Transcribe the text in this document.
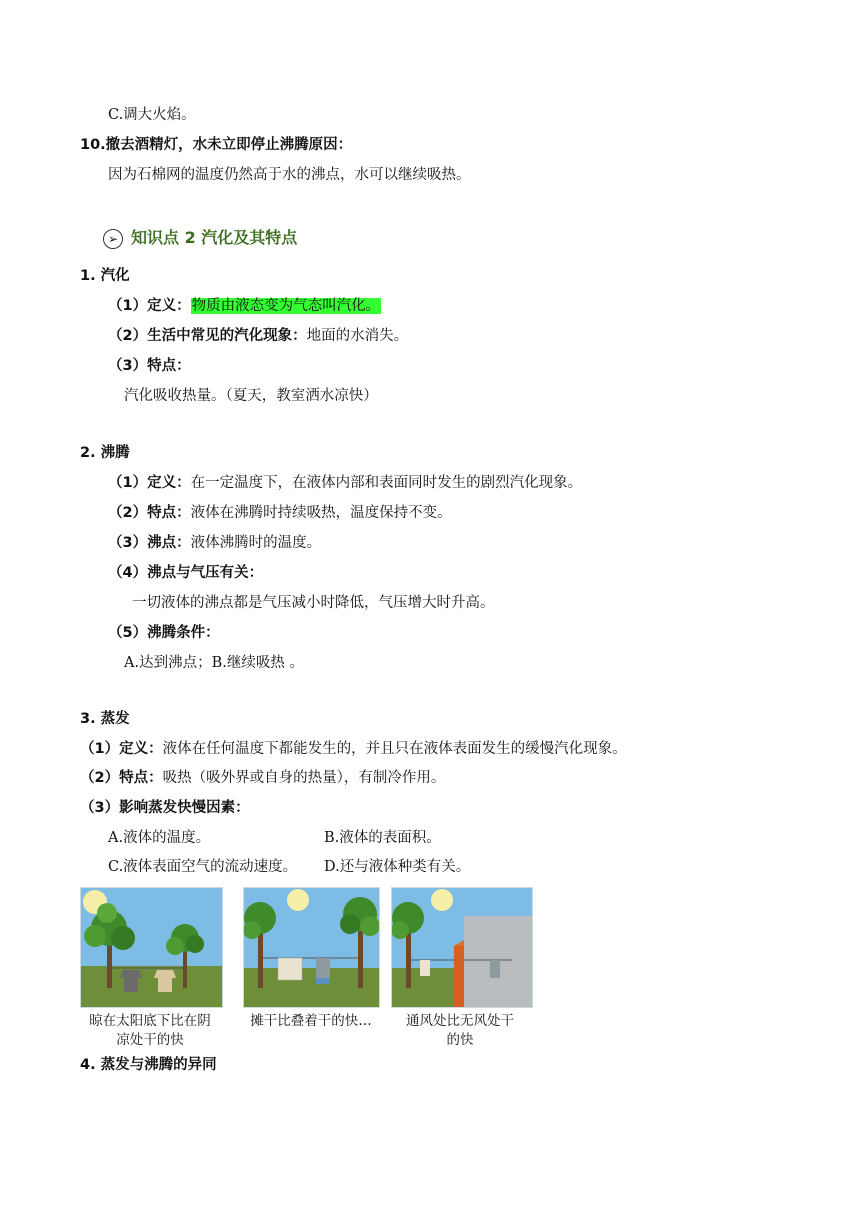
C.调大火焰。
10.撤去酒精灯，水未立即停止沸腾原因：
因为石棉网的温度仍然高于水的沸点，水可以继续吸热。
➢ 知识点 2 汽化及其特点
1. 汽化
（1）定义：物质由液态变为气态叫汽化。
（2）生活中常见的汽化现象：地面的水消失。
（3）特点：
汽化吸收热量。（夏天，教室洒水凉快）
2. 沸腾
（1）定义：在一定温度下，在液体内部和表面同时发生的剧烈汽化现象。
（2）特点：液体在沸腾时持续吸热，温度保持不变。
（3）沸点：液体沸腾时的温度。
（4）沸点与气压有关：
一切液体的沸点都是气压减小时降低，气压增大时升高。
（5）沸腾条件：
A.达到沸点；B.继续吸热 。
3. 蒸发
（1）定义：液体在任何温度下都能发生的，并且只在液体表面发生的缓慢汽化现象。
（2）特点：吸热（吸外界或自身的热量），有制冷作用。
（3）影响蒸发快慢因素：
A.液体的温度。	B.液体的表面积。
C.液体表面空气的流动速度。 D.还与液体种类有关。
晾在太阳底下比在阴凉处干的快
摊干比叠着干的快…	通风处比无风处干的快
4. 蒸发与沸腾的异同
